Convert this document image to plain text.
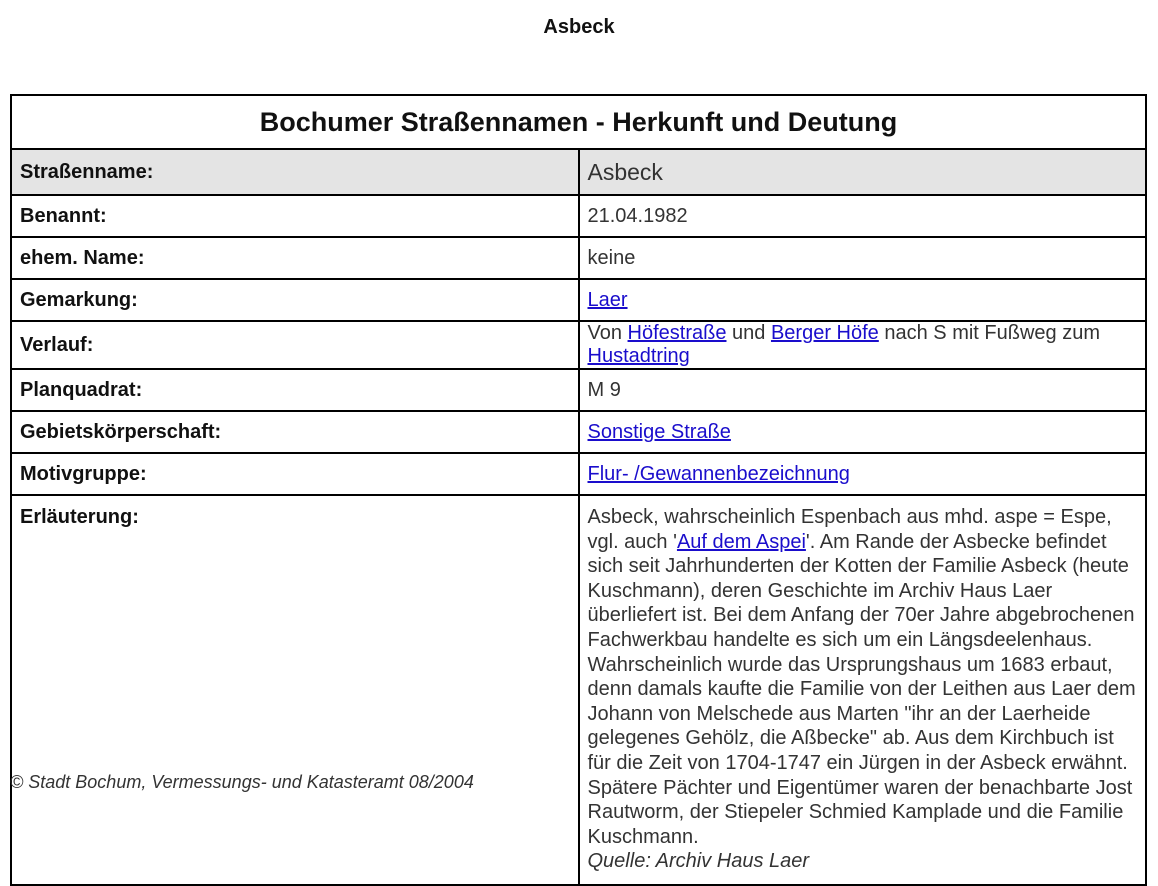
Asbeck
Bochumer Straßennamen - Herkunft und Deutung	
Straßenname:	Asbeck
Benannt:	21.04.1982
ehem. Name:	keine
Gemarkung:	Laer
Verlauf:	Von Höfestraße und Berger Höfe nach S mit Fußweg zum Hustadtring
Planquadrat:	M 9
Gebietskörperschaft:	Sonstige Straße
Motivgruppe:	Flur- /Gewannenbezeichnung
Erläuterung:	Asbeck, wahrscheinlich Espenbach aus mhd. aspe = Espe, vgl. auch 'Auf dem Aspei'. Am Rande der Asbecke befindet sich seit Jahrhunderten der Kotten der Familie Asbeck (heute Kuschmann), deren Geschichte im Archiv Haus Laer überliefert ist. Bei dem Anfang der 70er Jahre abgebrochenen Fachwerkbau handelte es sich um ein Längsdeelenhaus. Wahrscheinlich wurde das Ursprungshaus um 1683 erbaut, denn damals kaufte die Familie von der Leithen aus Laer dem Johann von Melschede aus Marten "ihr an der Laerheide gelegenes Gehölz, die Aßbecke" ab. Aus dem Kirchbuch ist für die Zeit von 1704-1747 ein Jürgen in der Asbeck erwähnt. Spätere Pächter und Eigentümer waren der benachbarte Jost Rautworm, der Stiepeler Schmied Kamplade und die Familie Kuschmann.
Quelle: Archiv Haus Laer
© Stadt Bochum, Vermessungs- und Katasteramt 08/2004
